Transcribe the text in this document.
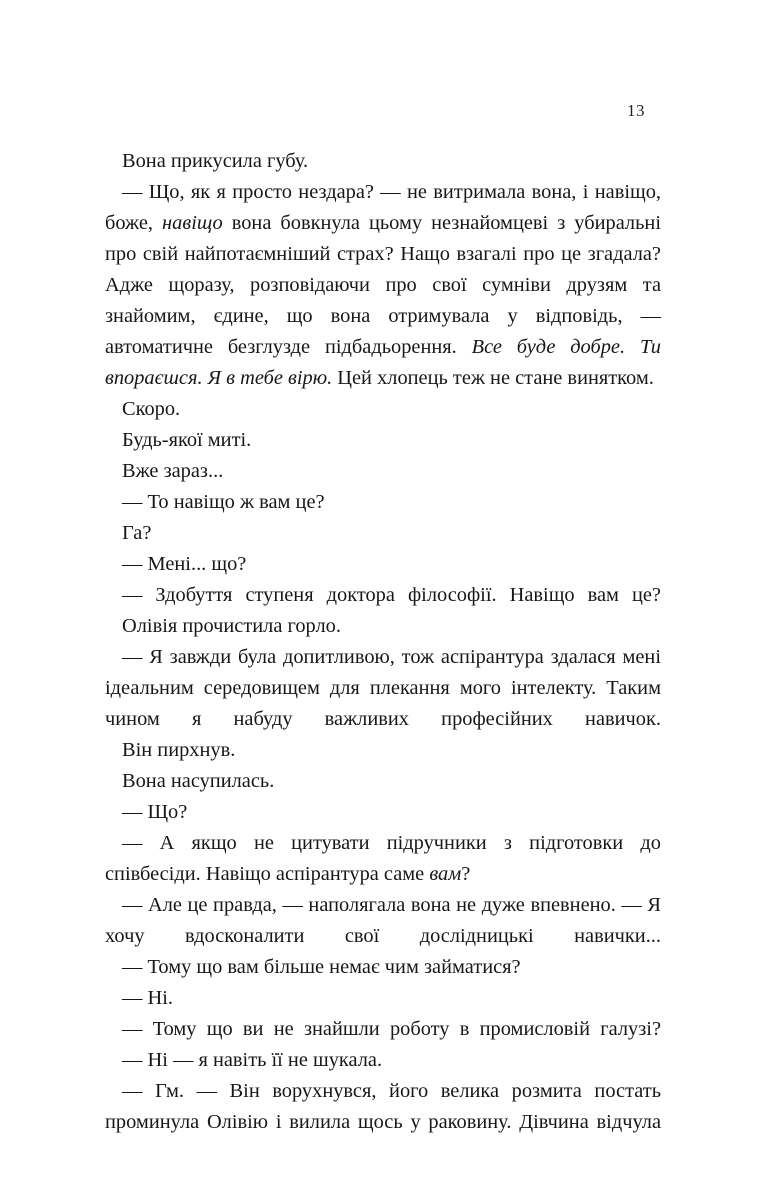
13

Вона прикусила губу.

— Що, як я просто нездара? — не витримала вона, і навіщо, боже, навіщо вона бовкнула цьому незнайомцеві з убиральні про свій найпотаємніший страх? Нащо взагалі про це згадала? Адже щоразу, розповідаючи про свої сумніви друзям та знайомим, єдине, що вона отримувала у відповідь, — автоматичне безглузде підбадьорення. Все буде добре. Ти впораєшся. Я в тебе вірю. Цей хлопець теж не стане винятком.

Скоро.

Будь-якої миті.

Вже зараз...

— То навіщо ж вам це?

Га?

— Мені... що?

— Здобуття ступеня доктора філософії. Навіщо вам це?

Олівія прочистила горло.

— Я завжди була допитливою, тож аспірантура здалася мені ідеальним середовищем для плекання мого інтелекту. Таким чином я набуду важливих професійних навичок.

Він пирхнув.

Вона насупилась.

— Що?

— А якщо не цитувати підручники з підготовки до співбесіди. Навіщо аспірантура саме вам?

— Але це правда, — наполягала вона не дуже впевнено. — Я хочу вдосконалити свої дослідницькі навички...

— Тому що вам більше немає чим займатися?

— Ні.

— Тому що ви не знайшли роботу в промисловій галузі?

— Ні — я навіть її не шукала.

— Гм. — Він ворухнувся, його велика розмита постать проминула Олівію і вилила щось у раковину. Дівчина відчула
